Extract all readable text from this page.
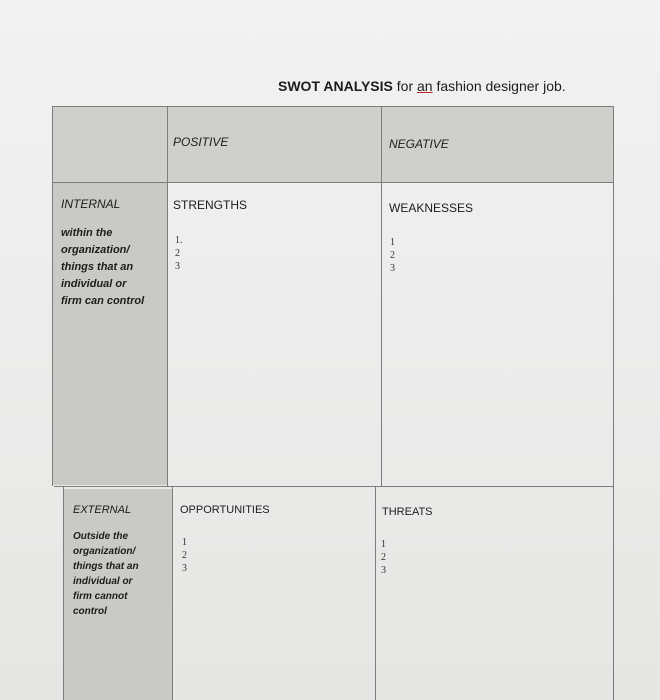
SWOT ANALYSIS for an fashion designer job.
POSITIVE	NEGATIVE
INTERNAL
within the
organization/
things that an
individual or
firm can control
STRENGTHS
1.
2
3
WEAKNESSES
1
2
3
EXTERNAL
Outside the
organization/
things that an
individual or
firm cannot
control
OPPORTUNITIES
1
2
3
THREATS
1
2
3
